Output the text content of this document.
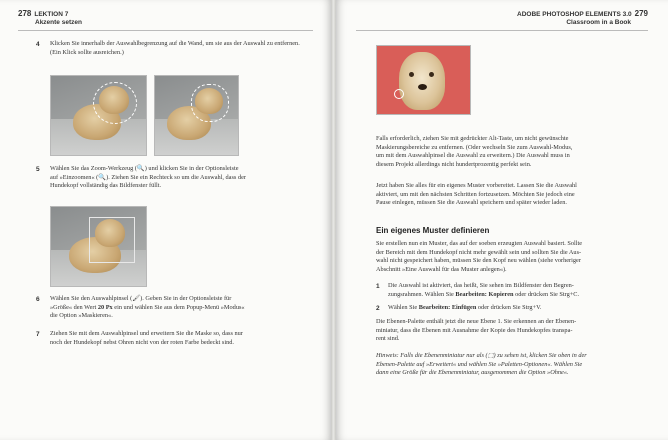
278 LEKTION 7
Akzente setzen
4 Klicken Sie innerhalb der Auswahlbegrenzung auf die Wand, um sie aus der Auswahl zu entfernen. (Ein Klick sollte ausreichen.)
5 Wählen Sie das Zoom-Werkzeug (🔍) und klicken Sie in der Optionsleiste
auf »Einzoomen« (🔍). Ziehen Sie ein Rechteck so um die Auswahl, dass der
Hundekopf vollständig das Bildfenster füllt.
6 Wählen Sie den Auswahlpinsel (🖌). Geben Sie in der Optionsleiste für
»Größe« den Wert 20 Px ein und wählen Sie aus dem Popup-Menü »Modus«
die Option »Maskieren«.
7 Ziehen Sie mit dem Auswahlpinsel und erweitern Sie die Maske so, dass nur
noch der Hundekopf nebst Ohren nicht von der roten Farbe bedeckt sind.
ADOBE PHOTOSHOP ELEMENTS 3.0 279
Classroom in a Book
Falls erforderlich, ziehen Sie mit gedrückter Alt-Taste, um nicht gewünschte
Maskierungsbereiche zu entfernen. (Oder wechseln Sie zum Auswahl-Modus,
um mit dem Auswahlpinsel die Auswahl zu erweitern.) Die Auswahl muss in
diesem Projekt allerdings nicht hundertprozentig perfekt sein.
Jetzt haben Sie alles für ein eigenes Muster vorbereitet. Lassen Sie die Auswahl
aktiviert, um mit den nächsten Schritten fortzusetzen. Möchten Sie jedoch eine
Pause einlegen, müssen Sie die Auswahl speichern und später wieder laden.
Ein eigenes Muster definieren
Sie erstellen nun ein Muster, das auf der soeben erzeugten Auswahl basiert. Sollte
der Bereich mit dem Hundekopf nicht mehr gewählt sein und sollten Sie die Aus-
wahl nicht gespeichert haben, müssen Sie den Kopf neu wählen (siehe vorheriger
Abschnitt »Eine Auswahl für das Muster anlegen«).
1 Die Auswahl ist aktiviert, das heißt, Sie sehen im Bildfenster den Begren-
zungsrahmen. Wählen Sie Bearbeiten: Kopieren oder drücken Sie Strg+C.
2 Wählen Sie Bearbeiten: Einfügen oder drücken Sie Strg+V.
Die Ebenen-Palette enthält jetzt die neue Ebene 1. Sie erkennen an der Ebenen-
miniatur, dass die Ebenen mit Ausnahme der Kopie des Hundekopfes transpa-
rent sind.
Hinweis: Falls die Ebenenminiatur nur als (⬚) zu sehen ist, klicken Sie oben in der
Ebenen-Palette auf »Erweitert« und wählen Sie »Paletten-Optionen«. Wählen Sie
dann eine Größe für die Ebenenminiatur, ausgenommen die Option »Ohne«.
